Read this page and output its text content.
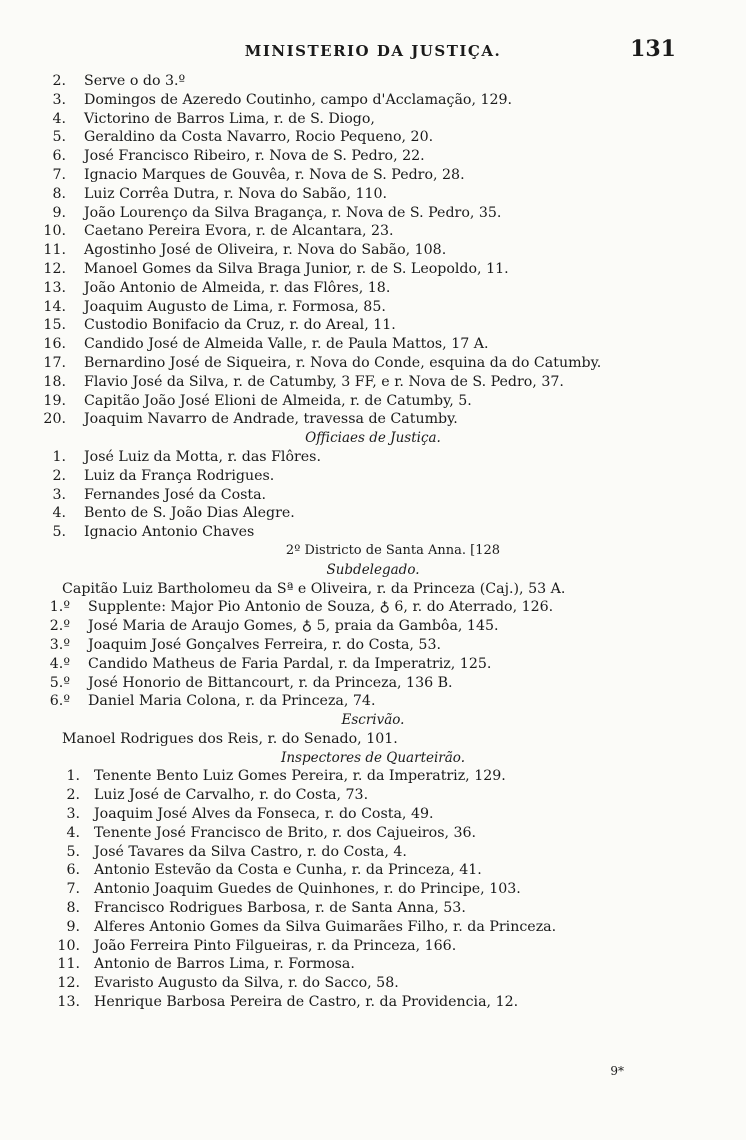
MINISTERIO DA JUSTIÇA.	131
2. Serve o do 3.º
3. Domingos de Azeredo Coutinho, campo d'Acclamação, 129.
4. Victorino de Barros Lima, r. de S. Diogo,
5. Geraldino da Costa Navarro, Rocio Pequeno, 20.
6. José Francisco Ribeiro, r. Nova de S. Pedro, 22.
7. Ignacio Marques de Gouvêa, r. Nova de S. Pedro, 28.
8. Luiz Corrêa Dutra, r. Nova do Sabão, 110.
9. João Lourenço da Silva Bragança, r. Nova de S. Pedro, 35.
10. Caetano Pereira Evora, r. de Alcantara, 23.
11. Agostinho José de Oliveira, r. Nova do Sabão, 108.
12. Manoel Gomes da Silva Braga Junior, r. de S. Leopoldo, 11.
13. João Antonio de Almeida, r. das Flôres, 18.
14. Joaquim Augusto de Lima, r. Formosa, 85.
15. Custodio Bonifacio da Cruz, r. do Areal, 11.
16. Candido José de Almeida Valle, r. de Paula Mattos, 17 A.
17. Bernardino José de Siqueira, r. Nova do Conde, esquina da do Catumby.
18. Flavio José da Silva, r. de Catumby, 3 FF, e r. Nova de S. Pedro, 37.
19. Capitão João José Elioni de Almeida, r. de Catumby, 5.
20. Joaquim Navarro de Andrade, travessa de Catumby.
Officiaes de Justiça.
1. José Luiz da Motta, r. das Flôres.
2. Luiz da França Rodrigues.
3. Fernandes José da Costa.
4. Bento de S. João Dias Alegre.
5. Ignacio Antonio Chaves
2º Districto de Santa Anna. [128
Subdelegado.
Capitão Luiz Bartholomeu da Sª e Oliveira, r. da Princeza (Caj.), 53 A.
1.º Supplente: Major Pio Antonio de Souza, ♁ 6, r. do Aterrado, 126.
2.º José Maria de Araujo Gomes, ♁ 5, praia da Gambôa, 145.
3.º Joaquim José Gonçalves Ferreira, r. do Costa, 53.
4.º Candido Matheus de Faria Pardal, r. da Imperatriz, 125.
5.º José Honorio de Bittancourt, r. da Princeza, 136 B.
6.º Daniel Maria Colona, r. da Princeza, 74.
Escrivão.
Manoel Rodrigues dos Reis, r. do Senado, 101.
Inspectores de Quarteirão.
1. Tenente Bento Luiz Gomes Pereira, r. da Imperatriz, 129.
2. Luiz José de Carvalho, r. do Costa, 73.
3. Joaquim José Alves da Fonseca, r. do Costa, 49.
4. Tenente José Francisco de Brito, r. dos Cajueiros, 36.
5. José Tavares da Silva Castro, r. do Costa, 4.
6. Antonio Estevão da Costa e Cunha, r. da Princeza, 41.
7. Antonio Joaquim Guedes de Quinhones, r. do Principe, 103.
8. Francisco Rodrigues Barbosa, r. de Santa Anna, 53.
9. Alferes Antonio Gomes da Silva Guimarães Filho, r. da Princeza.
10. João Ferreira Pinto Filgueiras, r. da Princeza, 166.
11. Antonio de Barros Lima, r. Formosa.
12. Evaristo Augusto da Silva, r. do Sacco, 58.
13. Henrique Barbosa Pereira de Castro, r. da Providencia, 12.
9*
